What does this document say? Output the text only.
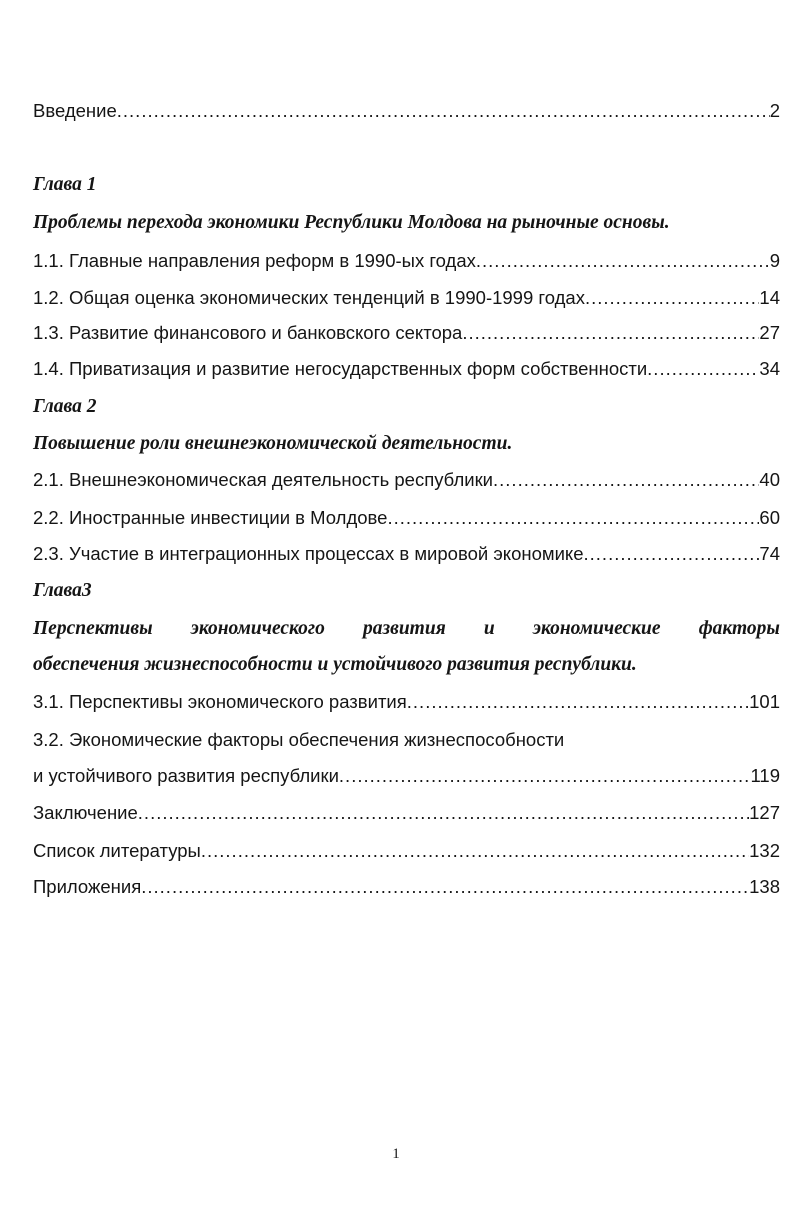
Введение .....	2
Глава 1
Проблемы перехода экономики Республики Молдова на рыночные основы.
1.1. Главные направления реформ в 1990-ых годах .....	9
1.2. Общая оценка экономических тенденций в 1990-1999 годах .....	14
1.3. Развитие финансового и банковского сектора .....	27
1.4. Приватизация и развитие негосударственных форм собственности .....	34
Глава 2
Повышение роли внешнеэкономической деятельности.
2.1. Внешнеэкономическая деятельность республики .....	40
2.2. Иностранные инвестиции в Молдове .....	60
2.3. Участие в интеграционных процессах в мировой экономике .....	74
Глава3
Перспективы экономического развития и экономические факторы
обеспечения жизнеспособности и устойчивого развития республики.
3.1. Перспективы экономического развития .....	101
3.2. Экономические факторы обеспечения жизнеспособности
и устойчивого развития республики .....	119
Заключение .....	127
Список литературы .....	132
Приложения .....	138
1
